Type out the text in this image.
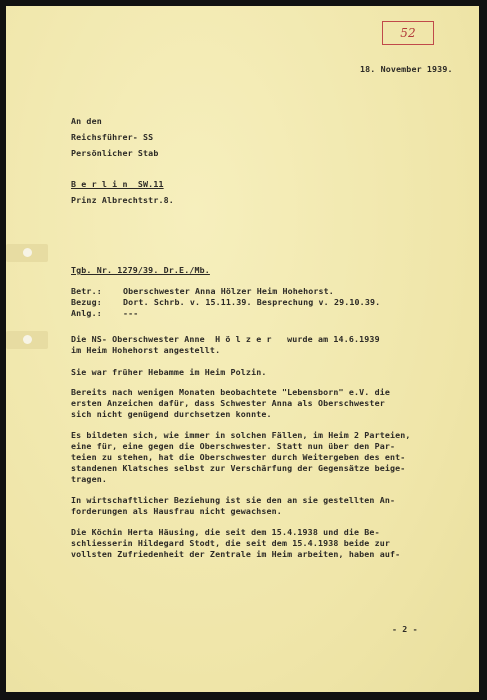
52
18. November 1939.
An den
Reichsführer- SS
Persönlicher Stab
B e r l i n  SW.11
Prinz Albrechtstr.8.
Tgb. Nr. 1279/39. Dr.E./Mb.
Betr.:	Oberschwester Anna Hölzer Heim Hohehorst.
Bezug:	Dort. Schrb. v. 15.11.39. Besprechung v. 29.10.39.
Anlg.:	---
Die NS- Oberschwester Anne  H ö l z e r   wurde am 14.6.1939
im Heim Hohehorst angestellt.
Sie war früher Hebamme im Heim Polzin.
Bereits nach wenigen Monaten beobachtete "Lebensborn" e.V. die
ersten Anzeichen dafür, dass Schwester Anna als Oberschwester
sich nicht genügend durchsetzen konnte.
Es bildeten sich, wie immer in solchen Fällen, im Heim 2 Parteien,
eine für, eine gegen die Oberschwester. Statt nun über den Par-
teien zu stehen, hat die Oberschwester durch Weitergeben des ent-
standenen Klatsches selbst zur Verschärfung der Gegensätze beige-
tragen.
In wirtschaftlicher Beziehung ist sie den an sie gestellten An-
forderungen als Hausfrau nicht gewachsen.
Die Köchin Herta Häusing, die seit dem 15.4.1938 und die Be-
schliesserin Hildegard Stodt, die seit dem 15.4.1938 beide zur
vollsten Zufriedenheit der Zentrale im Heim arbeiten, haben auf-
- 2 -
